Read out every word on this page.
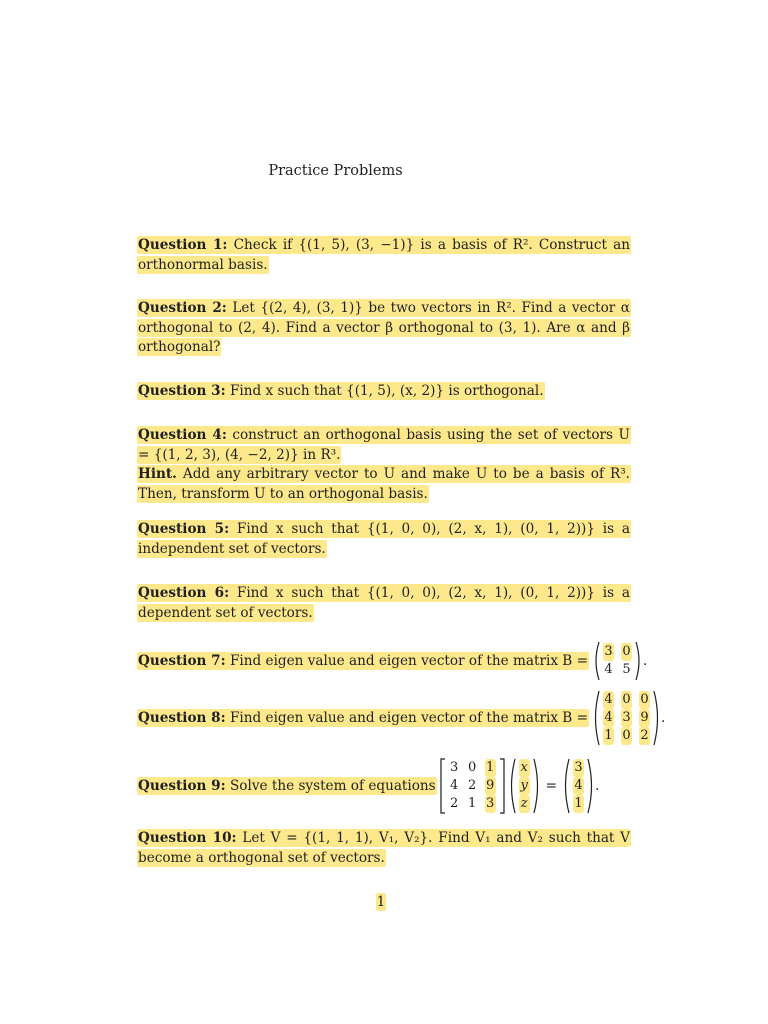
Practice Problems
Question 1: Check if {(1, 5), (3, −1)} is a basis of R². Construct an orthonormal basis.
Question 2: Let {(2, 4), (3, 1)} be two vectors in R². Find a vector α orthogonal to (2, 4). Find a vector β orthogonal to (3, 1). Are α and β orthogonal?
Question 3: Find x such that {(1, 5), (x, 2)} is orthogonal.
Question 4: construct an orthogonal basis using the set of vectors U = {(1, 2, 3), (4, −2, 2)} in R³.
Hint. Add any arbitrary vector to U and make U to be a basis of R³. Then, transform U to an orthogonal basis.
Question 5: Find x such that {(1, 0, 0), (2, x, 1), (0, 1, 2))} is a independent set of vectors.
Question 6: Find x such that {(1, 0, 0), (2, x, 1), (0, 1, 2))} is a dependent set of vectors.
Question 7: Find eigen value and eigen vector of the matrix B =
3 0
4 5
.
Question 8: Find eigen value and eigen vector of the matrix B =
4 0 0
4 3 9
1 0 2
.
Question 9: Solve the system of equations
3 0 1
4 2 9
2 1 3
x
y
z
=
3
4
1
.
Question 10: Let V = {(1, 1, 1), V₁, V₂}. Find V₁ and V₂ such that V become a orthogonal set of vectors.
1
